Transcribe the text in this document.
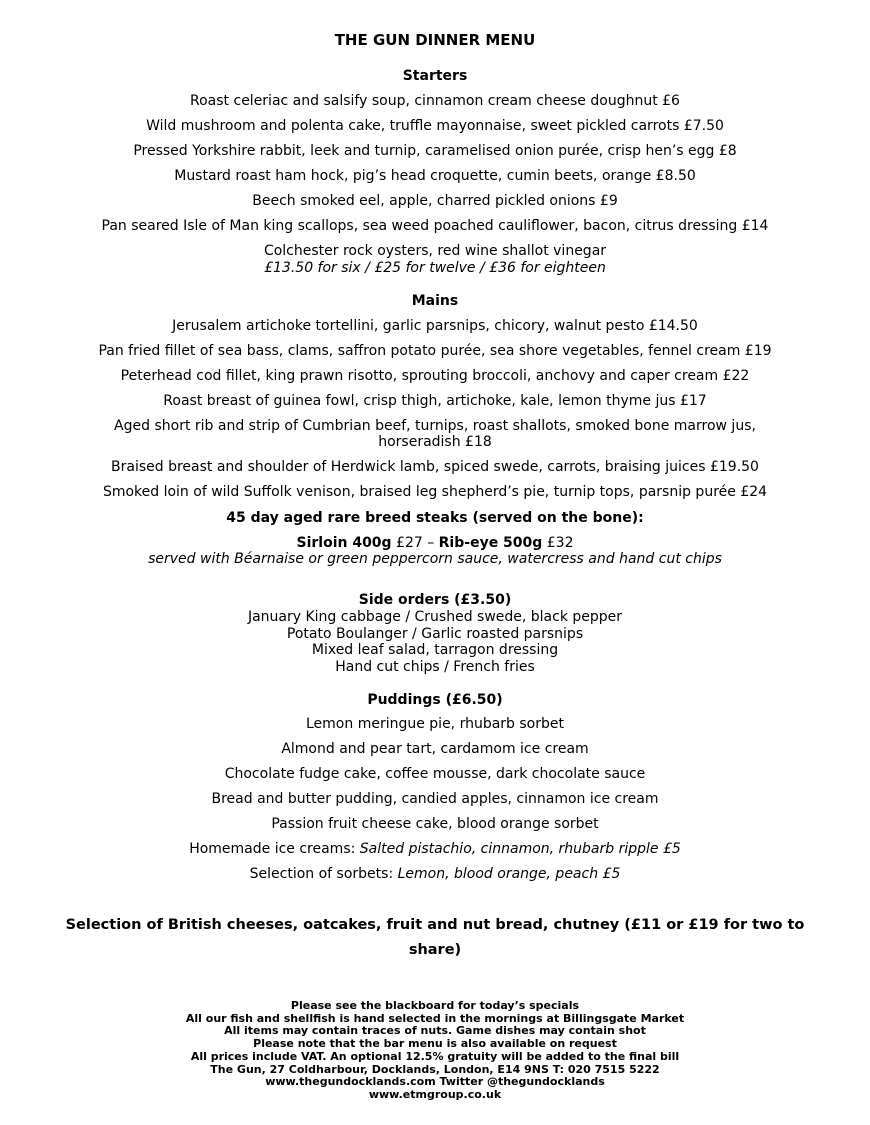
THE GUN DINNER MENU
Starters
Roast celeriac and salsify soup, cinnamon cream cheese doughnut £6
Wild mushroom and polenta cake, truffle mayonnaise, sweet pickled carrots £7.50
Pressed Yorkshire rabbit, leek and turnip, caramelised onion purée, crisp hen’s egg £8
Mustard roast ham hock, pig’s head croquette, cumin beets, orange £8.50
Beech smoked eel, apple, charred pickled onions £9
Pan seared Isle of Man king scallops, sea weed poached cauliflower, bacon, citrus dressing £14
Colchester rock oysters, red wine shallot vinegar
£13.50 for six / £25 for twelve / £36 for eighteen
Mains
Jerusalem artichoke tortellini, garlic parsnips, chicory, walnut pesto £14.50
Pan fried fillet of sea bass, clams, saffron potato purée, sea shore vegetables, fennel cream £19
Peterhead cod fillet, king prawn risotto, sprouting broccoli, anchovy and caper cream £22
Roast breast of guinea fowl, crisp thigh, artichoke, kale, lemon thyme jus £17
Aged short rib and strip of Cumbrian beef, turnips, roast shallots, smoked bone marrow jus,
horseradish £18
Braised breast and shoulder of Herdwick lamb, spiced swede, carrots, braising juices £19.50
Smoked loin of wild Suffolk venison, braised leg shepherd’s pie, turnip tops, parsnip purée £24
45 day aged rare breed steaks (served on the bone):
Sirloin 400g £27 – Rib-eye 500g £32
served with Béarnaise or green peppercorn sauce, watercress and hand cut chips
Side orders (£3.50)
January King cabbage / Crushed swede, black pepper
Potato Boulanger / Garlic roasted parsnips
Mixed leaf salad, tarragon dressing
Hand cut chips / French fries
Puddings (£6.50)
Lemon meringue pie, rhubarb sorbet
Almond and pear tart, cardamom ice cream
Chocolate fudge cake, coffee mousse, dark chocolate sauce
Bread and butter pudding, candied apples, cinnamon ice cream
Passion fruit cheese cake, blood orange sorbet
Homemade ice creams: Salted pistachio, cinnamon, rhubarb ripple £5
Selection of sorbets: Lemon, blood orange, peach £5
Selection of British cheeses, oatcakes, fruit and nut bread, chutney (£11 or £19 for two to share)
Please see the blackboard for today’s specials
All our fish and shellfish is hand selected in the mornings at Billingsgate Market
All items may contain traces of nuts. Game dishes may contain shot
Please note that the bar menu is also available on request
All prices include VAT. An optional 12.5% gratuity will be added to the final bill
The Gun, 27 Coldharbour, Docklands, London, E14 9NS T: 020 7515 5222
www.thegundocklands.com Twitter @thegundocklands
www.etmgroup.co.uk
